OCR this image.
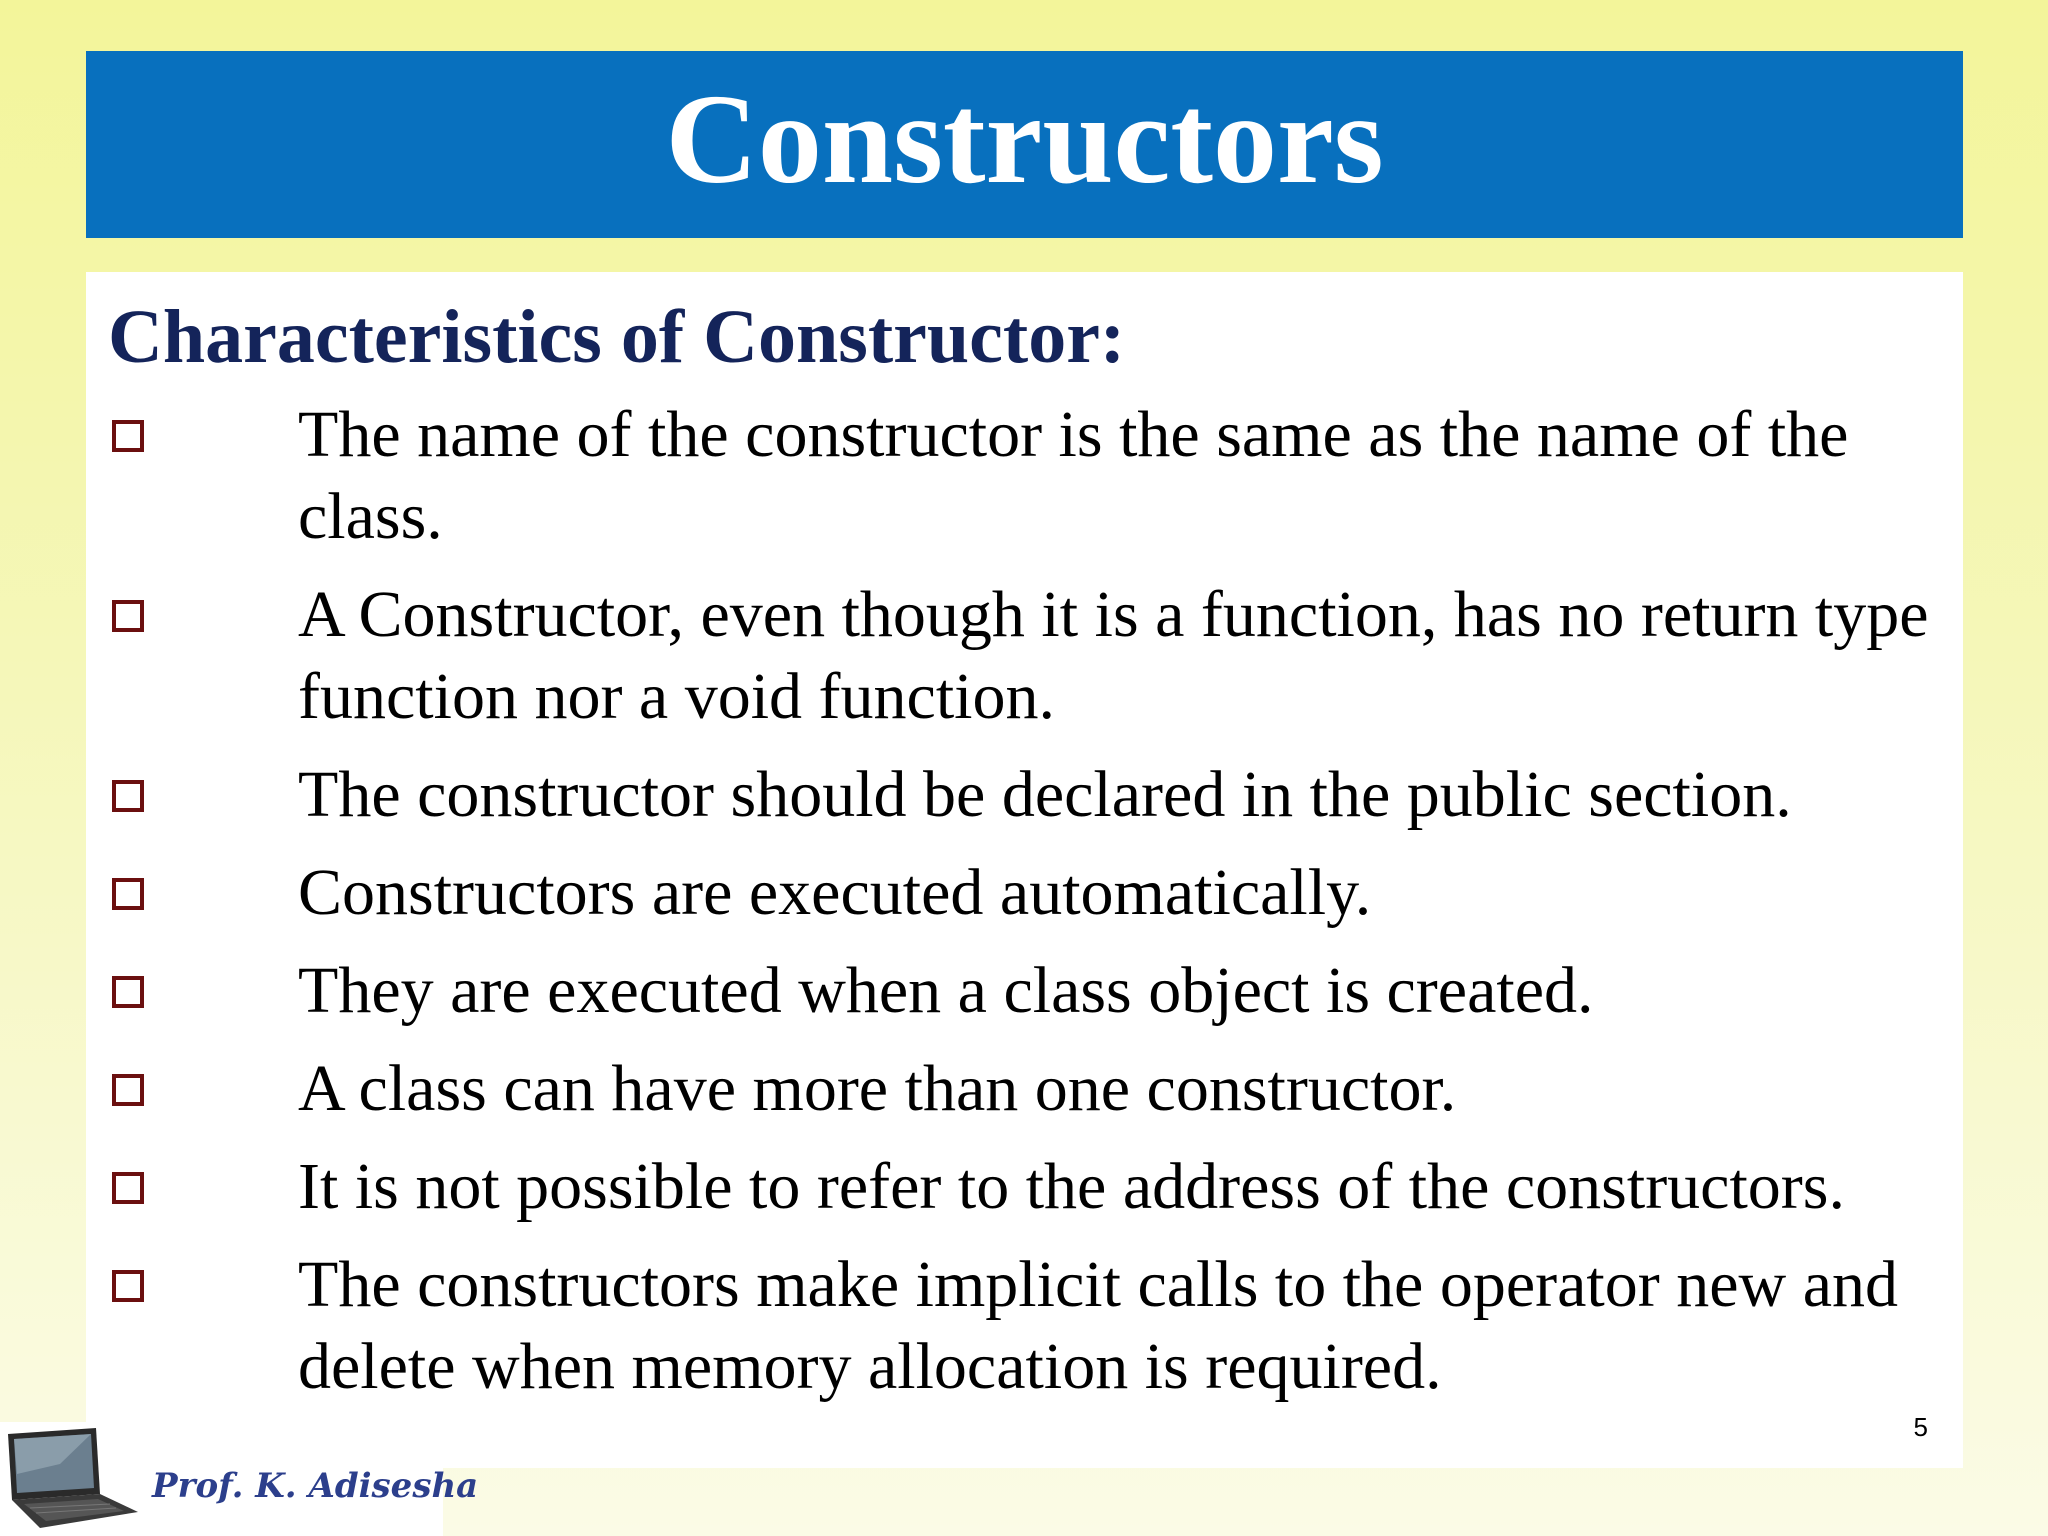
Constructors
Characteristics of Constructor:
The name of the constructor is the same as the name of the class.
A Constructor, even though it is a function, has no return type function nor a void function.
The constructor should be declared in the public section.
Constructors are executed automatically.
They are executed when a class object is created.
A class can have more than one constructor.
It is not possible to refer to the address of the constructors.
The constructors make implicit calls to the operator new and delete when memory allocation is required.
5
Prof. K. Adisesha
